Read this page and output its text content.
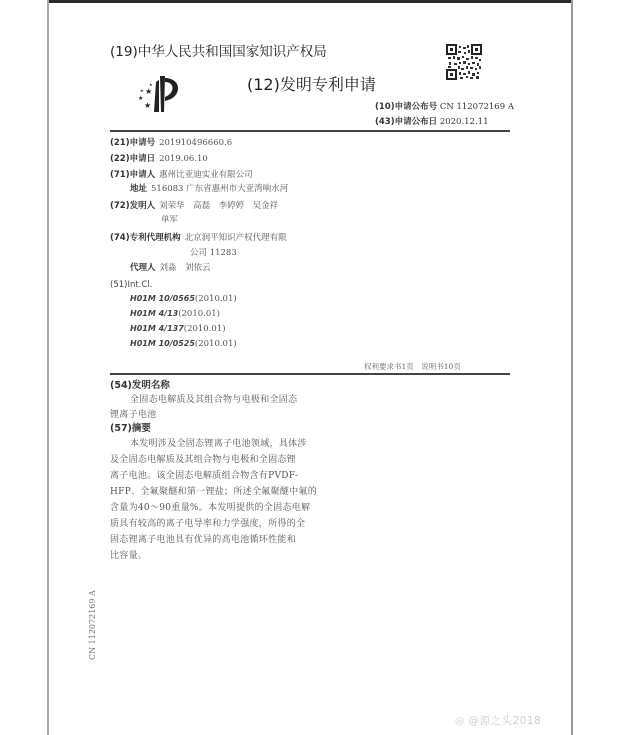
(19)中华人民共和国国家知识产权局
★
★
★
★
★	(12)发明专利申请
(10)申请公布号 CN 112072169 A
(43)申请公布日 2020.12.11
(21)申请号 201910496660.6
(22)申请日 2019.06.10
(71)申请人 惠州比亚迪实业有限公司
地址 516083 广东省惠州市大亚湾响水河
(72)发明人 刘荣华　高磊　李婷婷　吴金祥
单军
(74)专利代理机构 北京润平知识产权代理有限
公司 11283
代理人 刘淼　刘依云
(51)Int.Cl.
H01M 10/0565(2010.01)
H01M 4/13(2010.01)
H01M 4/137(2010.01)
H01M 10/0525(2010.01)
权利要求书1页　说明书10页
(54)发明名称
全固态电解质及其组合物与电极和全固态
锂离子电池
(57)摘要
本发明涉及全固态锂离子电池领域，具体涉
及全固态电解质及其组合物与电极和全固态锂
离子电池。该全固态电解质组合物含有PVDF-
HFP、全氟聚醚和第一锂盐；所述全氟聚醚中氟的
含量为40～90重量%。本发明提供的全固态电解
质具有较高的离子电导率和力学强度，所得的全
固态锂离子电池具有优异的高电池循环性能和
比容量。
CN 112072169 A
◎ @源之头2018
